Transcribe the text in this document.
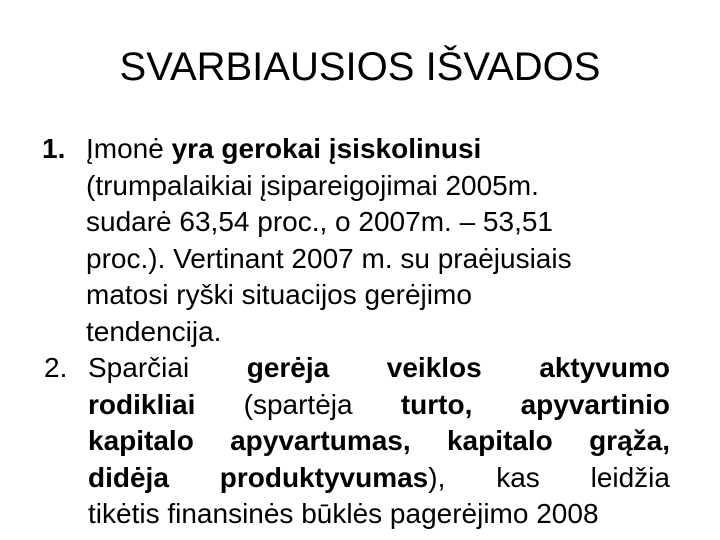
SVARBIAUSIOS IŠVADOS
1. Įmonė yra gerokai įsiskolinusi
(trumpalaikiai įsipareigojimai 2005m.
sudarė 63,54 proc., o 2007m. – 53,51
proc.). Vertinant 2007 m. su praėjusiais
matosi ryški situacijos gerėjimo
tendencija.
2. Sparčiai gerėja veiklos aktyvumo
rodikliai (spartėja turto, apyvartinio
kapitalo apyvartumas, kapitalo grąža,
didėja produktyvumas), kas leidžia
tikėtis finansinės būklės pagerėjimo 2008
